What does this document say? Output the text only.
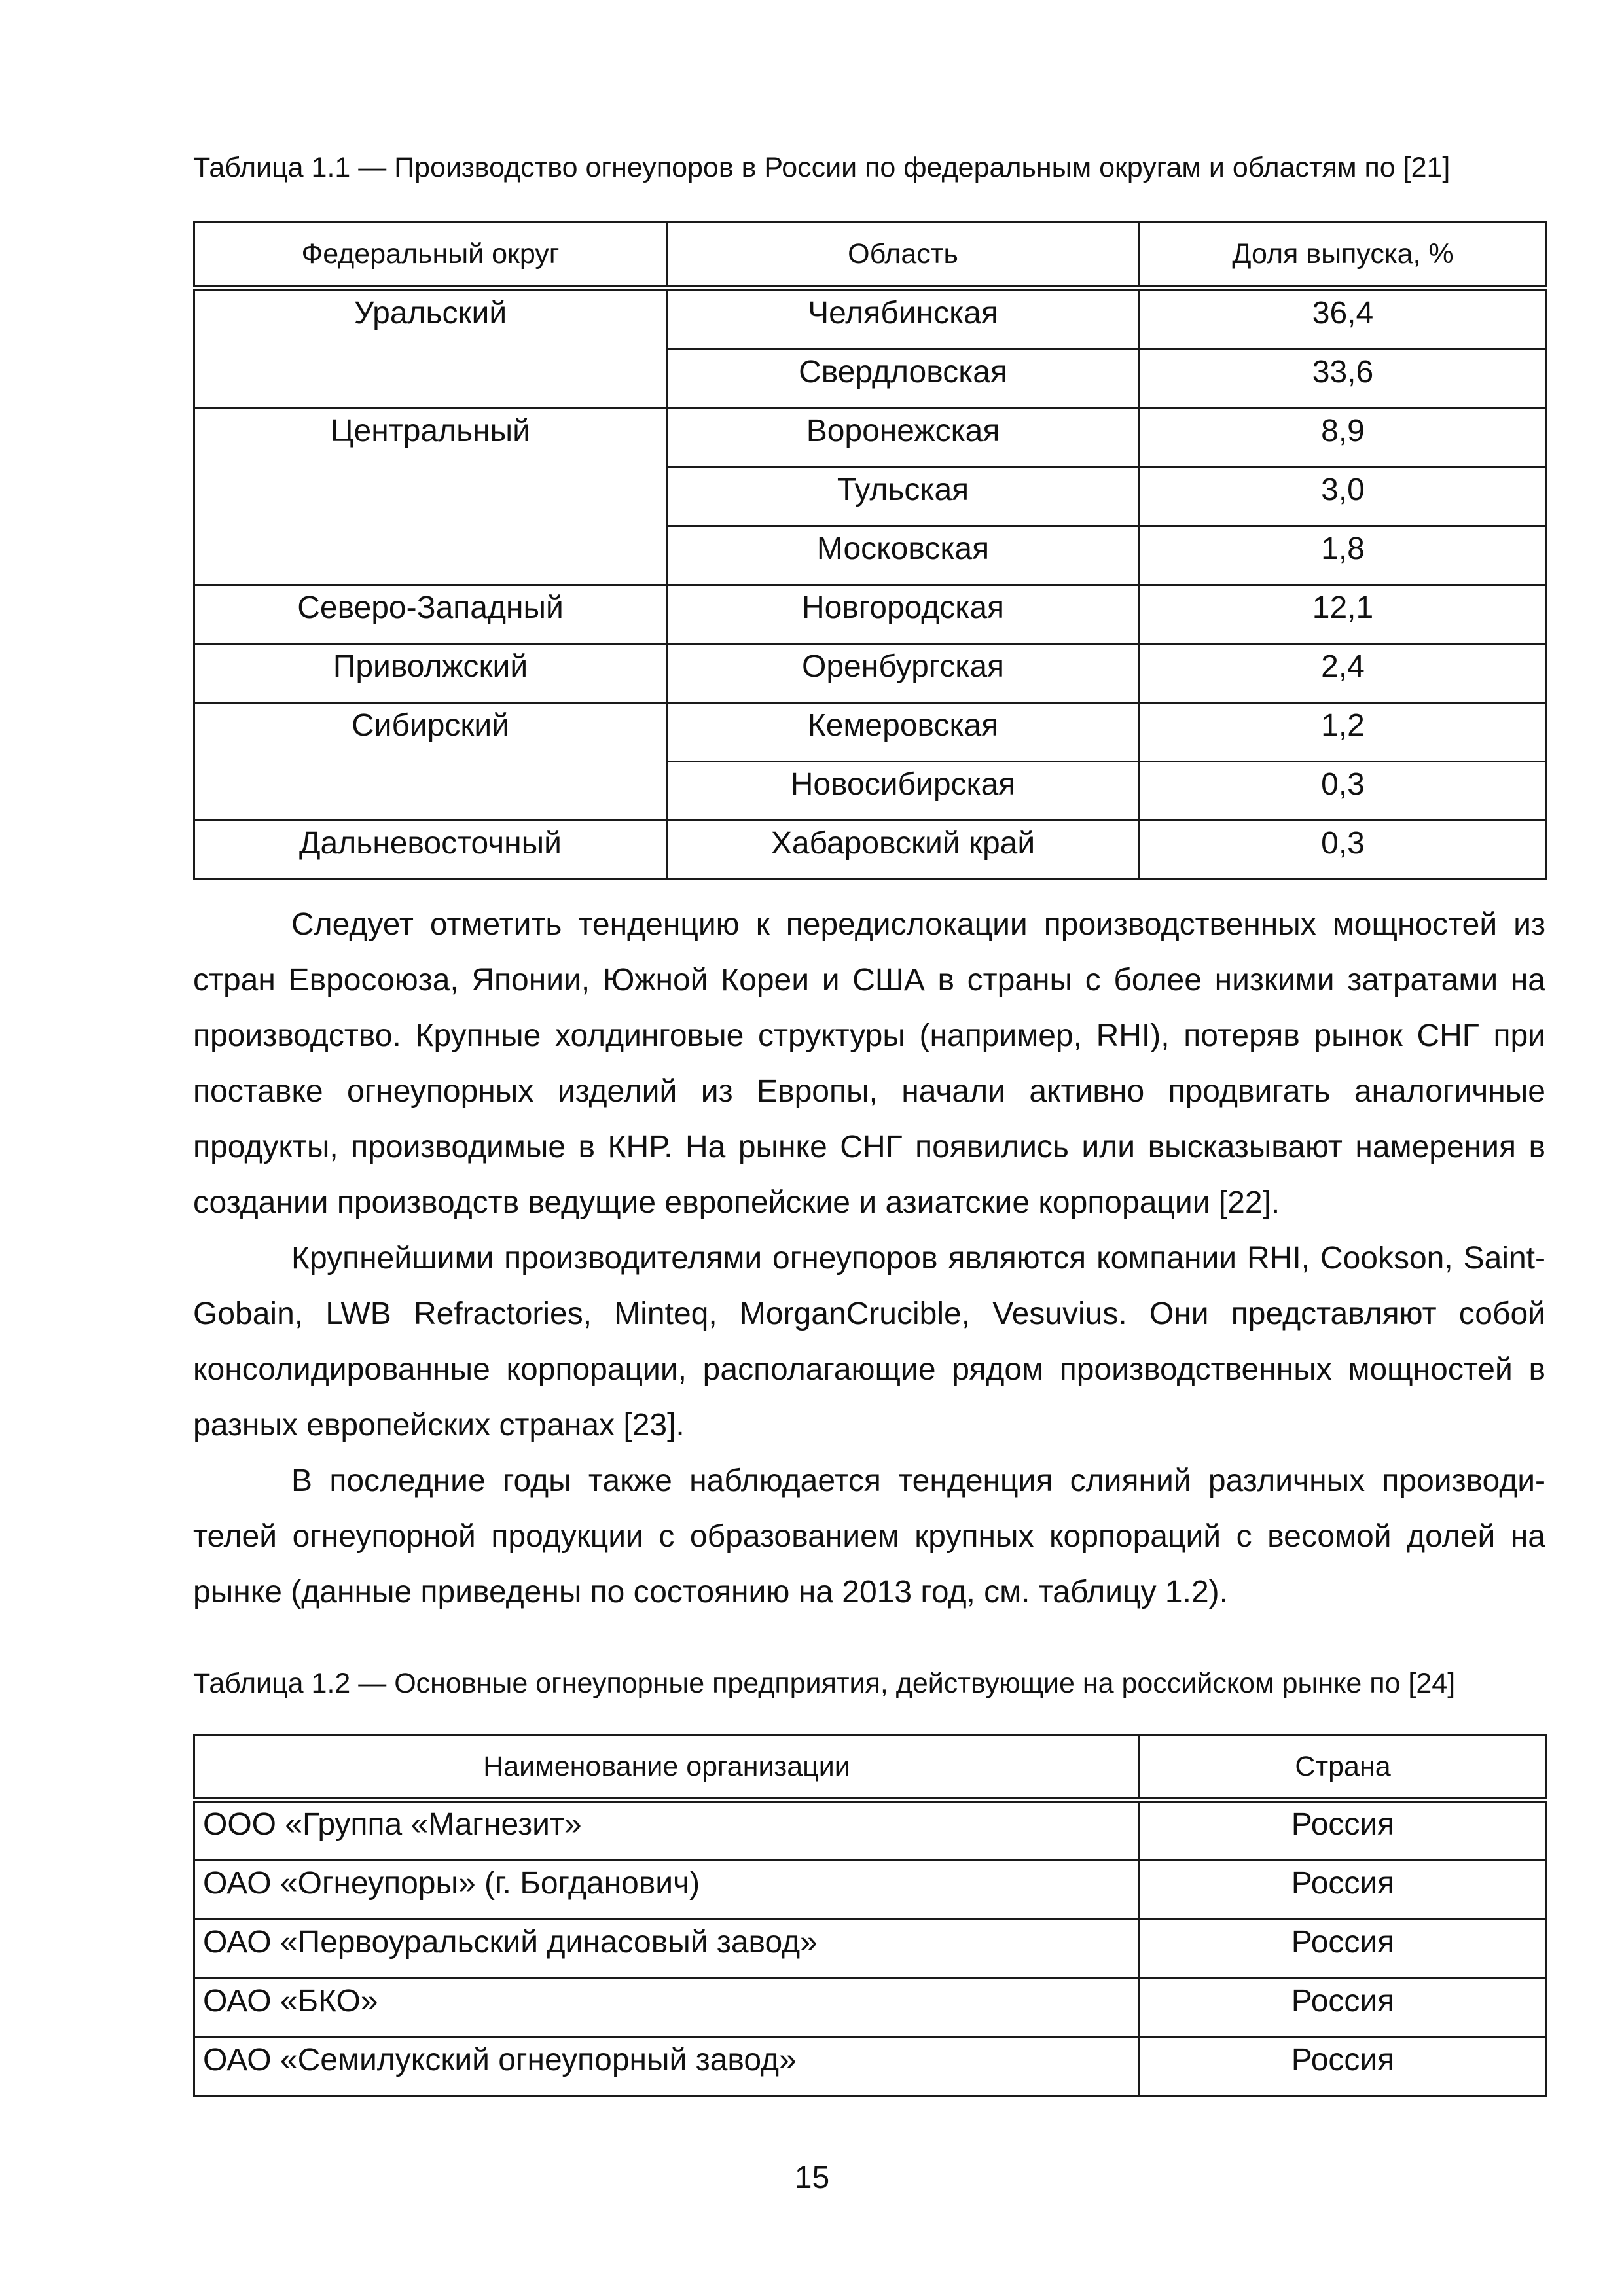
Таблица 1.1 — Производство огнеупоров в России по федеральным округам и областям по [21]
Федеральный округ	Область	Доля выпуска, %
Уральский	Челябинская	36,4
	Свердловская	33,6
Центральный	Воронежская	8,9
	Тульская	3,0
	Московская	1,8
Северо-Западный	Новгородская	12,1
Приволжский	Оренбургская	2,4
Сибирский	Кемеровская	1,2
	Новосибирская	0,3
Дальневосточный	Хабаровский край	0,3

Следует отметить тенденцию к передислокации производственных мощностей из стран Евросоюза, Японии, Южной Кореи и США в страны с более низкими затратами на производство. Крупные холдинговые структуры (например, RHI), потеряв рынок СНГ при поставке огнеупорных изделий из Европы, начали активно продвигать аналогичные продукты, производимые в КНР. На рынке СНГ появились или высказывают намерения в создании производств ведущие европейские и азиатские корпорации [22].

Крупнейшими производителями огнеупоров являются компании RHI, Cookson, Saint-Gobain, LWB Refractories, Minteq, MorganCrucible, Vesuvius. Они представляют собой консолидированные корпорации, располагающие рядом производственных мощностей в разных европейских странах [23].

В последние годы также наблюдается тенденция слияний различных производителей огнеупорной продукции с образованием крупных корпораций с весомой долей на рынке (данные приведены по состоянию на 2013 год, см. таблицу 1.2).

Таблица 1.2 — Основные огнеупорные предприятия, действующие на российском рынке по [24]
Наименование организации	Страна
ООО «Группа «Магнезит»	Россия
ОАО «Огнеупоры» (г. Богданович)	Россия
ОАО «Первоуральский динасовый завод»	Россия
ОАО «БКО»	Россия
ОАО «Семилукский огнеупорный завод»	Россия
15
